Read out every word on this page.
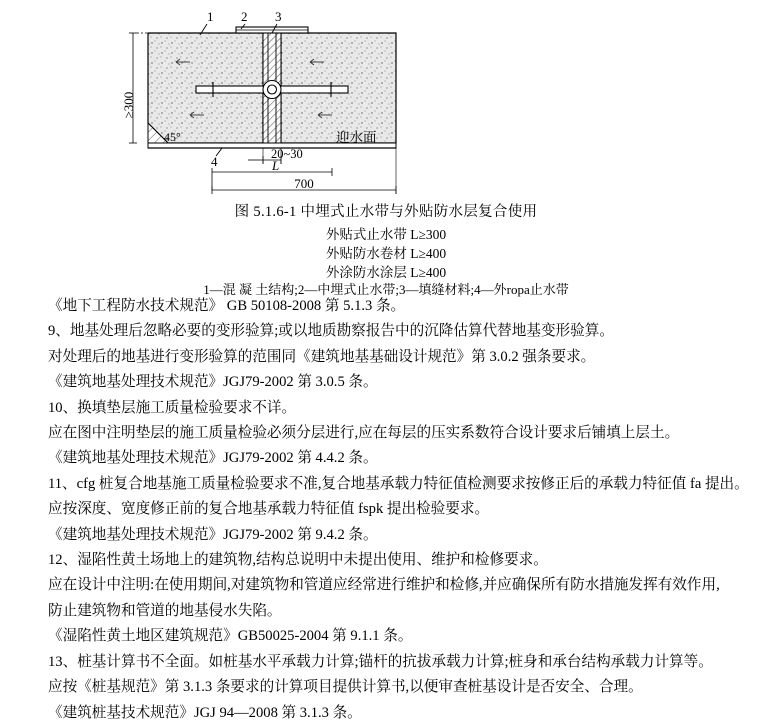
1 2 3
4
≥300
45°
20~30
L
700
迎水面
图 5.1.6-1 中埋式止水带与外贴防水层复合使用
外贴式止水带 L≥300
外贴防水卷材 L≥400
外涂防水涂层 L≥400
1—混 凝 土结构;2—中埋式止水带;3—填缝材料;4—外ropa止水带
《地下工程防水技术规范》 GB 50108-2008 第 5.1.3 条。
9、地基处理后忽略必要的变形验算;或以地质勘察报告中的沉降估算代替地基变形验算。
对处理后的地基进行变形验算的范围同《建筑地基基础设计规范》第 3.0.2 强条要求。
《建筑地基处理技术规范》JGJ79-2002 第 3.0.5 条。
10、换填垫层施工质量检验要求不详。
应在图中注明垫层的施工质量检验必须分层进行,应在每层的压实系数符合设计要求后铺填上层土。
《建筑地基处理技术规范》JGJ79-2002 第 4.4.2 条。
11、cfg 桩复合地基施工质量检验要求不准,复合地基承载力特征值检测要求按修正后的承载力特征值 fa 提出。
应按深度、宽度修正前的复合地基承载力特征值 fspk 提出检验要求。
《建筑地基处理技术规范》JGJ79-2002 第 9.4.2 条。
12、湿陷性黄土场地上的建筑物,结构总说明中未提出使用、维护和检修要求。
应在设计中注明:在使用期间,对建筑物和管道应经常进行维护和检修,并应确保所有防水措施发挥有效作用,
防止建筑物和管道的地基侵水失陷。
《湿陷性黄土地区建筑规范》GB50025-2004 第 9.1.1 条。
13、桩基计算书不全面。如桩基水平承载力计算;锚杆的抗拔承载力计算;桩身和承台结构承载力计算等。
应按《桩基规范》第 3.1.3 条要求的计算项目提供计算书,以便审查桩基设计是否安全、合理。
《建筑桩基技术规范》JGJ 94—2008 第 3.1.3 条。
